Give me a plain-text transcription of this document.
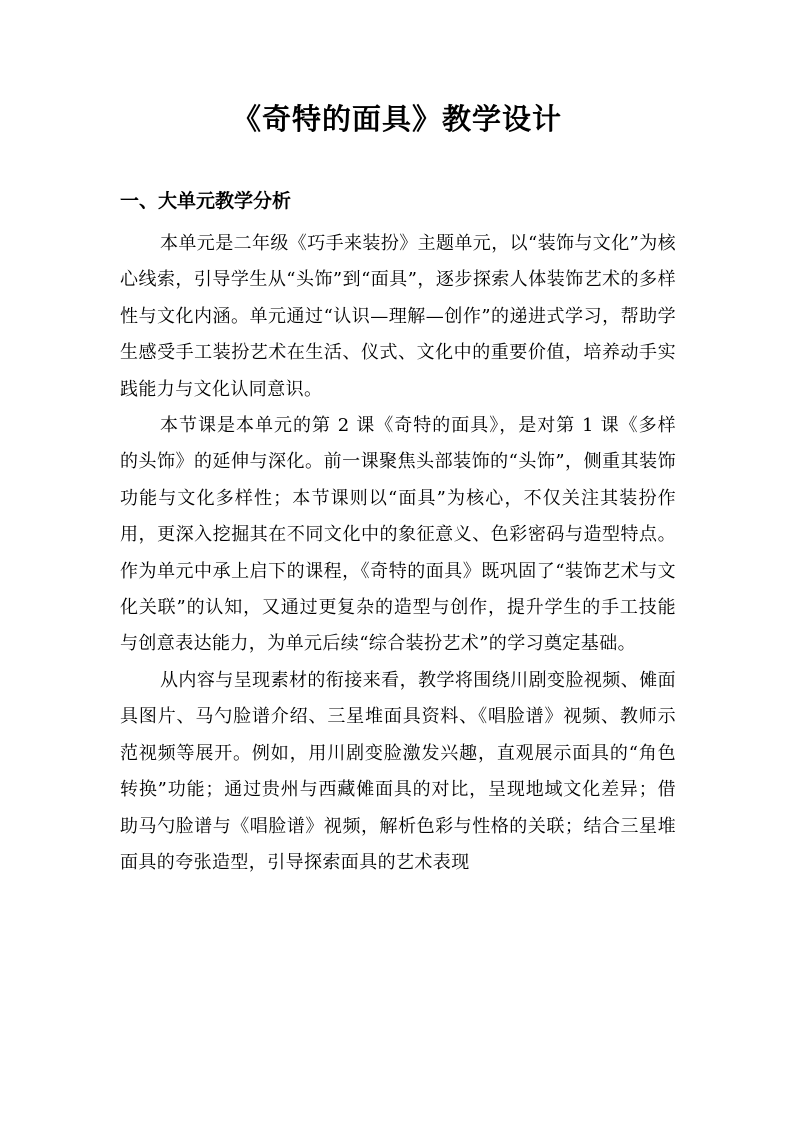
《奇特的面具》教学设计
一、大单元教学分析

本单元是二年级《巧手来装扮》主题单元，以“装饰与文化”为核心线索，引导学生从“头饰”到“面具”，逐步探索人体装饰艺术的多样性与文化内涵。单元通过“认识—理解—创作”的递进式学习，帮助学生感受手工装扮艺术在生活、仪式、文化中的重要价值，培养动手实践能力与文化认同意识。

本节课是本单元的第 2 课《奇特的面具》，是对第 1 课《多样的头饰》的延伸与深化。前一课聚焦头部装饰的“头饰”，侧重其装饰功能与文化多样性；本节课则以“面具”为核心，不仅关注其装扮作用，更深入挖掘其在不同文化中的象征意义、色彩密码与造型特点。作为单元中承上启下的课程，《奇特的面具》既巩固了“装饰艺术与文化关联”的认知，又通过更复杂的造型与创作，提升学生的手工技能与创意表达能力，为单元后续“综合装扮艺术”的学习奠定基础。

从内容与呈现素材的衔接来看，教学将围绕川剧变脸视频、傩面具图片、马勺脸谱介绍、三星堆面具资料、《唱脸谱》视频、教师示范视频等展开。例如，用川剧变脸激发兴趣，直观展示面具的“角色转换”功能；通过贵州与西藏傩面具的对比，呈现地域文化差异；借助马勺脸谱与《唱脸谱》视频，解析色彩与性格的关联；结合三星堆面具的夸张造型，引导探索面具的艺术表现
